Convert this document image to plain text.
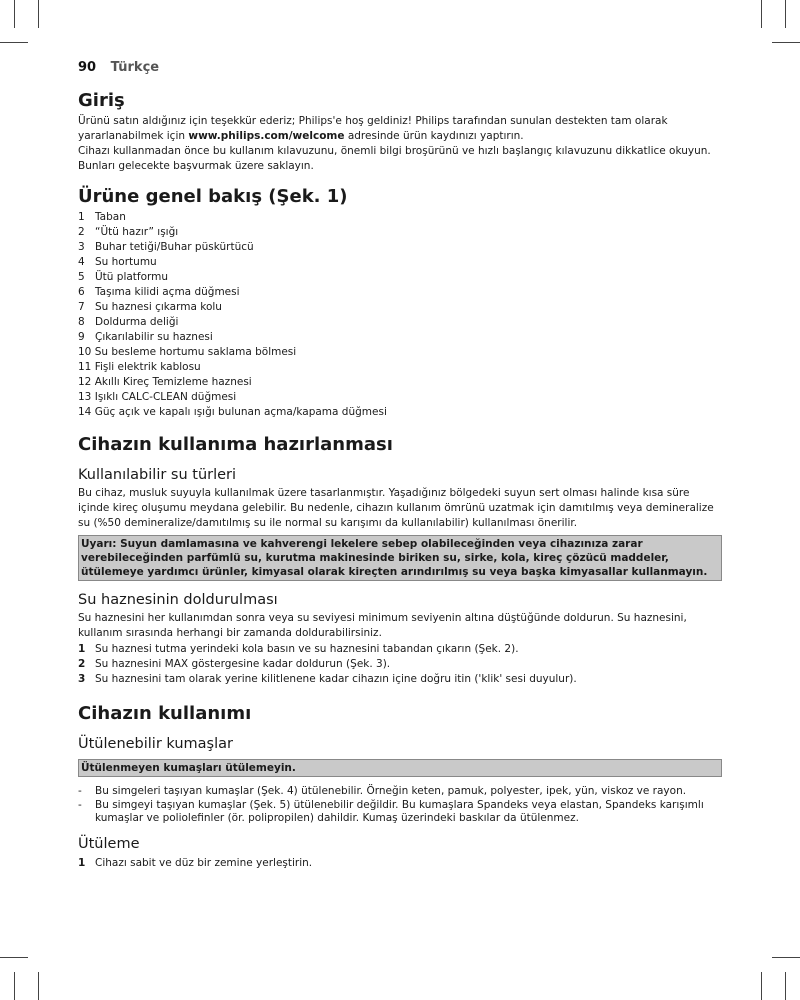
90 Türkçe
Giriş

Ürünü satın aldığınız için teşekkür ederiz; Philips'e hoş geldiniz! Philips tarafından sunulan destekten tam olarak yararlanabilmek için www.philips.com/welcome adresinde ürün kaydınızı yaptırın.

Cihazı kullanmadan önce bu kullanım kılavuzunu, önemli bilgi broşürünü ve hızlı başlangıç kılavuzunu dikkatlice okuyun. Bunları gelecekte başvurmak üzere saklayın.

Ürüne genel bakış (Şek. 1)
1 Taban
2 “Ütü hazır” ışığı
3 Buhar tetiği/Buhar püskürtücü
4 Su hortumu
5 Ütü platformu
6 Taşıma kilidi açma düğmesi
7 Su haznesi çıkarma kolu
8 Doldurma deliği
9 Çıkarılabilir su haznesi
10 Su besleme hortumu saklama bölmesi
11 Fişli elektrik kablosu
12 Akıllı Kireç Temizleme haznesi
13 Işıklı CALC-CLEAN düğmesi
14 Güç açık ve kapalı ışığı bulunan açma/kapama düğmesi
Cihazın kullanıma hazırlanması
Kullanılabilir su türleri

Bu cihaz, musluk suyuyla kullanılmak üzere tasarlanmıştır. Yaşadığınız bölgedeki suyun sert olması halinde kısa süre içinde kireç oluşumu meydana gelebilir. Bu nedenle, cihazın kullanım ömrünü uzatmak için damıtılmış veya demineralize su (%50 demineralize/damıtılmış su ile normal su karışımı da kullanılabilir) kullanılması önerilir.

Uyarı: Suyun damlamasına ve kahverengi lekelere sebep olabileceğinden veya cihazınıza zarar verebileceğinden parfümlü su, kurutma makinesinde biriken su, sirke, kola, kireç çözücü maddeler, ütülemeye yardımcı ürünler, kimyasal olarak kireçten arındırılmış su veya başka kimyasallar kullanmayın.
Su haznesinin doldurulması

Su haznesini her kullanımdan sonra veya su seviyesi minimum seviyenin altına düştüğünde doldurun. Su haznesini, kullanım sırasında herhangi bir zamanda doldurabilirsiniz.

1 Su haznesi tutma yerindeki kola basın ve su haznesini tabandan çıkarın (Şek. 2).
2 Su haznesini MAX göstergesine kadar doldurun (Şek. 3).
3 Su haznesini tam olarak yerine kilitlenene kadar cihazın içine doğru itin ('klik' sesi duyulur).
Cihazın kullanımı
Ütülenebilir kumaşlar
Ütülenmeyen kumaşları ütülemeyin.
-	Bu simgeleri taşıyan kumaşlar (Şek. 4) ütülenebilir. Örneğin keten, pamuk, polyester, ipek, yün, viskoz ve rayon.
-	Bu simgeyi taşıyan kumaşlar (Şek. 5) ütülenebilir değildir. Bu kumaşlara Spandeks veya elastan, Spandeks karışımlı kumaşlar ve poliolefinler (ör. polipropilen) dahildir. Kumaş üzerindeki baskılar da ütülenmez.
Ütüleme
1 Cihazı sabit ve düz bir zemine yerleştirin.
